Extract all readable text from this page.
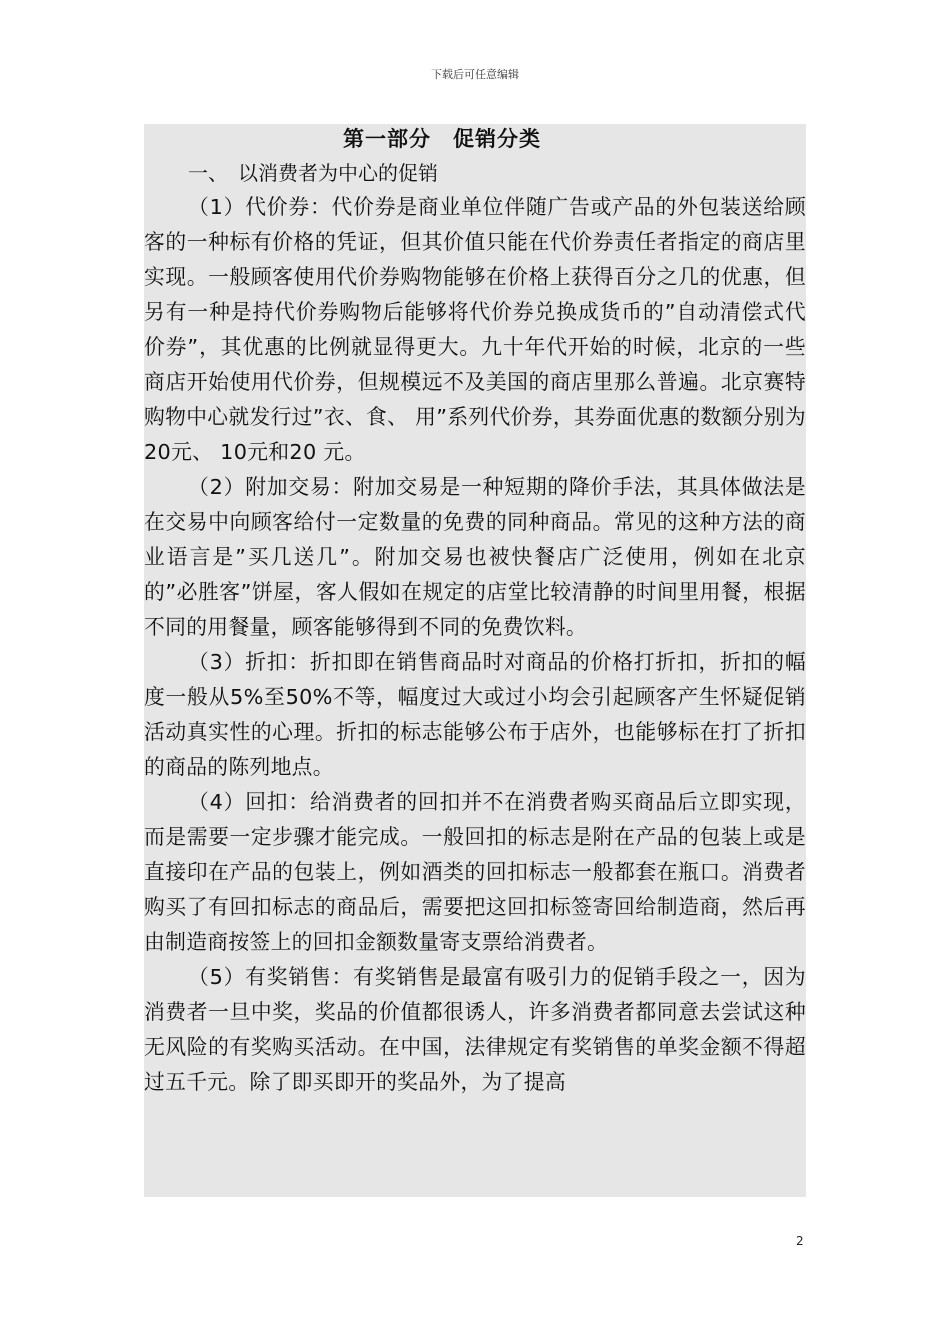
下载后可任意编辑
第一部分　促销分类
一、　以消费者为中心的促销

（1）代价券：代价券是商业单位伴随广告或产品的外包装送给顾客的一种标有价格的凭证，但其价值只能在代价券责任者指定的商店里实现。一般顾客使用代价券购物能够在价格上获得百分之几的优惠，但另有一种是持代价券购物后能够将代价券兑换成货币的”自动清偿式代价券”，其优惠的比例就显得更大。九十年代开始的时候，北京的一些商店开始使用代价券，但规模远不及美国的商店里那么普遍。北京赛特购物中心就发行过”衣、食、 用”系列代价券，其券面优惠的数额分别为20元、 10元和20 元。

（2）附加交易：附加交易是一种短期的降价手法，其具体做法是在交易中向顾客给付一定数量的免费的同种商品。常见的这种方法的商业语言是”买几送几”。附加交易也被快餐店广泛使用，例如在北京的”必胜客”饼屋，客人假如在规定的店堂比较清静的时间里用餐，根据不同的用餐量，顾客能够得到不同的免费饮料。

（3）折扣：折扣即在销售商品时对商品的价格打折扣，折扣的幅度一般从5%至50%不等，幅度过大或过小均会引起顾客产生怀疑促销活动真实性的心理。折扣的标志能够公布于店外，也能够标在打了折扣的商品的陈列地点。

（4）回扣：给消费者的回扣并不在消费者购买商品后立即实现，而是需要一定步骤才能完成。一般回扣的标志是附在产品的包装上或是直接印在产品的包装上，例如酒类的回扣标志一般都套在瓶口。消费者购买了有回扣标志的商品后，需要把这回扣标签寄回给制造商，然后再由制造商按签上的回扣金额数量寄支票给消费者。

（5）有奖销售：有奖销售是最富有吸引力的促销手段之一，因为消费者一旦中奖，奖品的价值都很诱人，许多消费者都同意去尝试这种无风险的有奖购买活动。在中国，法律规定有奖销售的单奖金额不得超过五千元。除了即买即开的奖品外，为了提高

2
